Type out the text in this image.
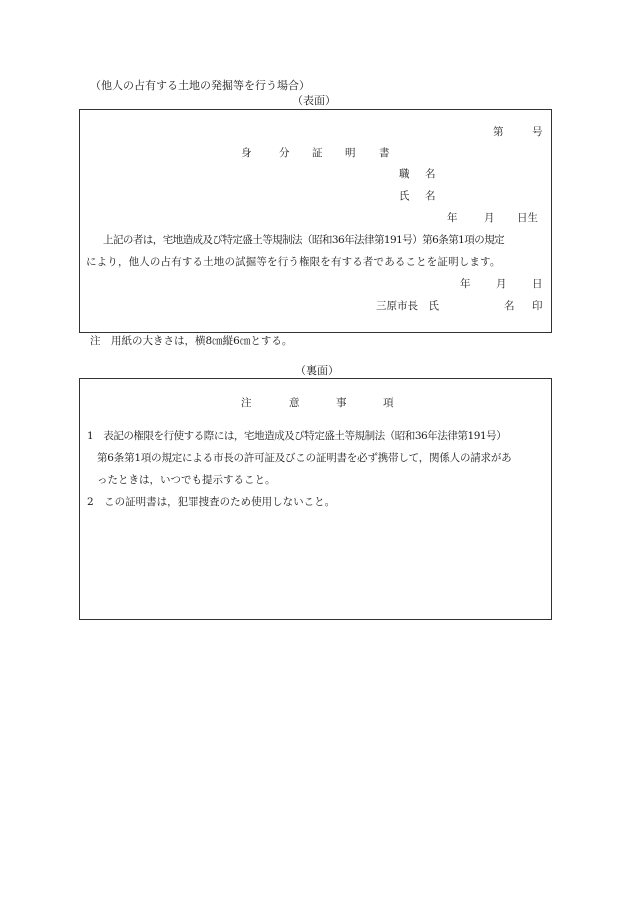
（他人の占有する土地の発掘等を行う場合）
（表面）
第	号
身	分 証 明 書
職 名
氏 名
年	月 日生
上記の者は，宅地造成及び特定盛土等規制法（昭和36年法律第191号）第6条第1項の規定
により，他人の占有する土地の試掘等を行う権限を有する者であることを証明します。
年 月 日
三原市長　氏	名 印
注　用紙の大きさは，横8㎝縦6㎝とする。
（裏面）
注	意	事	項
1　表記の権限を行使する際には，宅地造成及び特定盛土等規制法（昭和36年法律第191号）
第6条第1項の規定による市長の許可証及びこの証明書を必ず携帯して，関係人の請求があ
ったときは，いつでも提示すること。
2　この証明書は，犯罪捜査のため使用しないこと。
